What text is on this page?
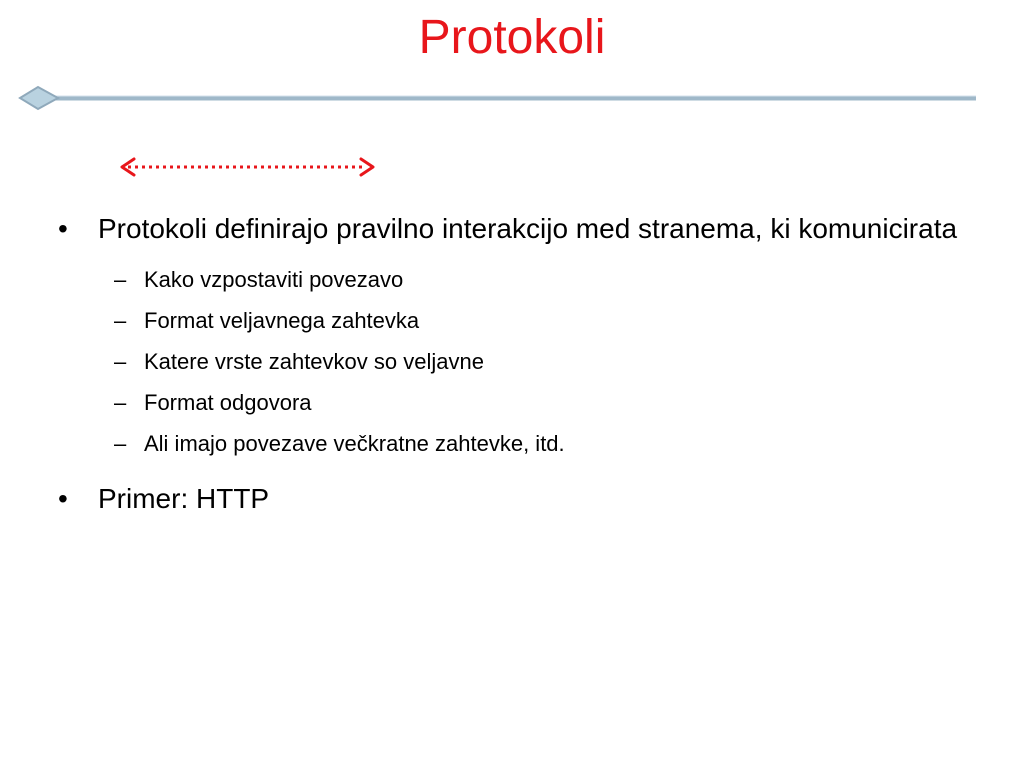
Protokoli
•	Protokoli definirajo pravilno interakcijo med stranema, ki komunicirata
– Kako vzpostaviti povezavo
– Format veljavnega zahtevka
– Katere vrste zahtevkov so veljavne
– Format odgovora
– Ali imajo povezave večkratne zahtevke, itd.
•	Primer: HTTP
